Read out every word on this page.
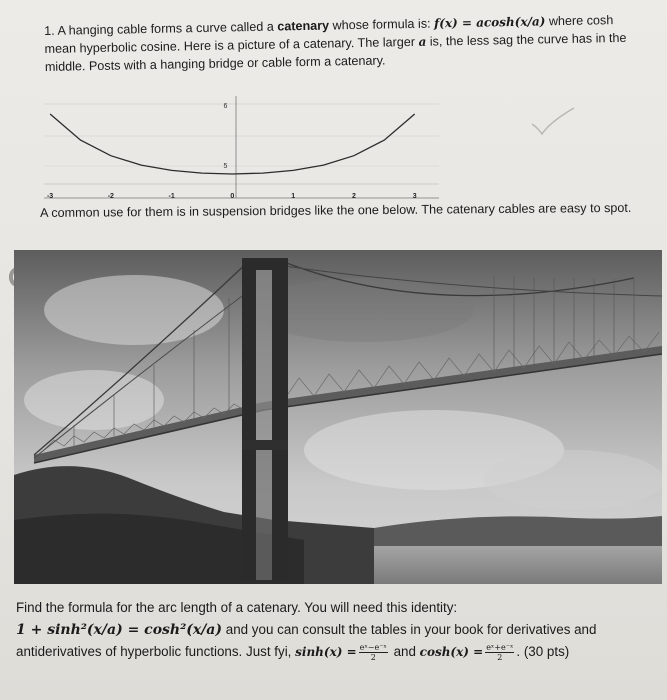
1. A hanging cable forms a curve called a catenary whose formula is: f(x) = acosh(x/a) where cosh mean hyperbolic cosine. Here is a picture of a catenary. The larger a is, the less sag the curve has in the middle. Posts with a hanging bridge or cable form a catenary.
-3	-2	-1	0	1	2	3
5
6
A common use for them is in suspension bridges like the one below. The catenary cables are easy to spot.
Find the formula for the arc length of a catenary. You will need this identity:
1 + sinh²(x/a) = cosh²(x/a) and you can consult the tables in your book for derivatives and antiderivatives of hyperbolic functions. Just fyi, $\sinh(x) = \frac{\text{eˣ−e⁻ˣ}}{2}$ and $\cosh(x) = \frac{\text{eˣ+e⁻ˣ}}{2}$ . (30 pts)
